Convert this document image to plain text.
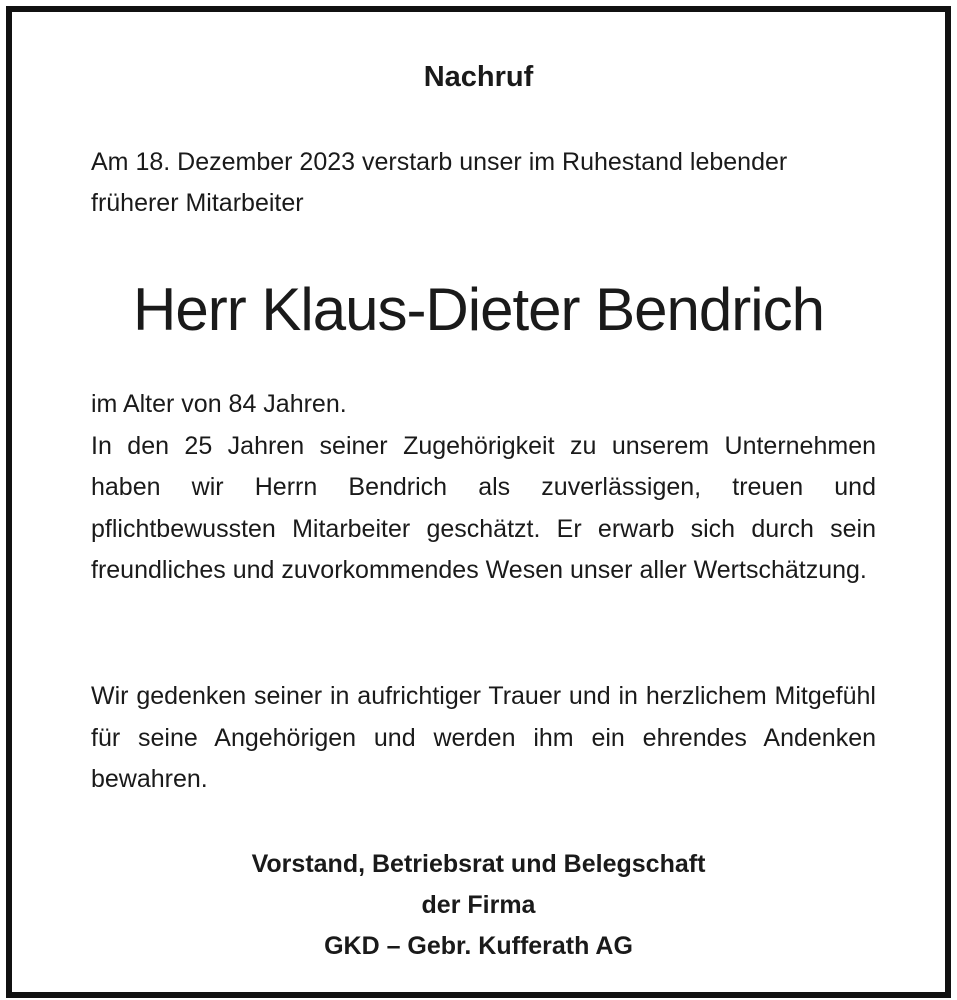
Nachruf
Am 18. Dezember 2023 verstarb unser im Ruhestand lebender früherer Mitarbeiter
Herr Klaus-Dieter Bendrich

im Alter von 84 Jahren.

In den 25 Jahren seiner Zugehörigkeit zu unserem Unternehmen haben wir Herrn Bendrich als zuverlässigen, treuen und pflichtbewussten Mitarbeiter geschätzt. Er erwarb sich durch sein freundliches und zuvorkommendes Wesen unser aller Wertschätzung.

Wir gedenken seiner in aufrichtiger Trauer und in herzlichem Mitgefühl für seine Angehörigen und werden ihm ein ehrendes Andenken bewahren.

Vorstand, Betriebsrat und Belegschaft
der Firma
GKD – Gebr. Kufferath AG
